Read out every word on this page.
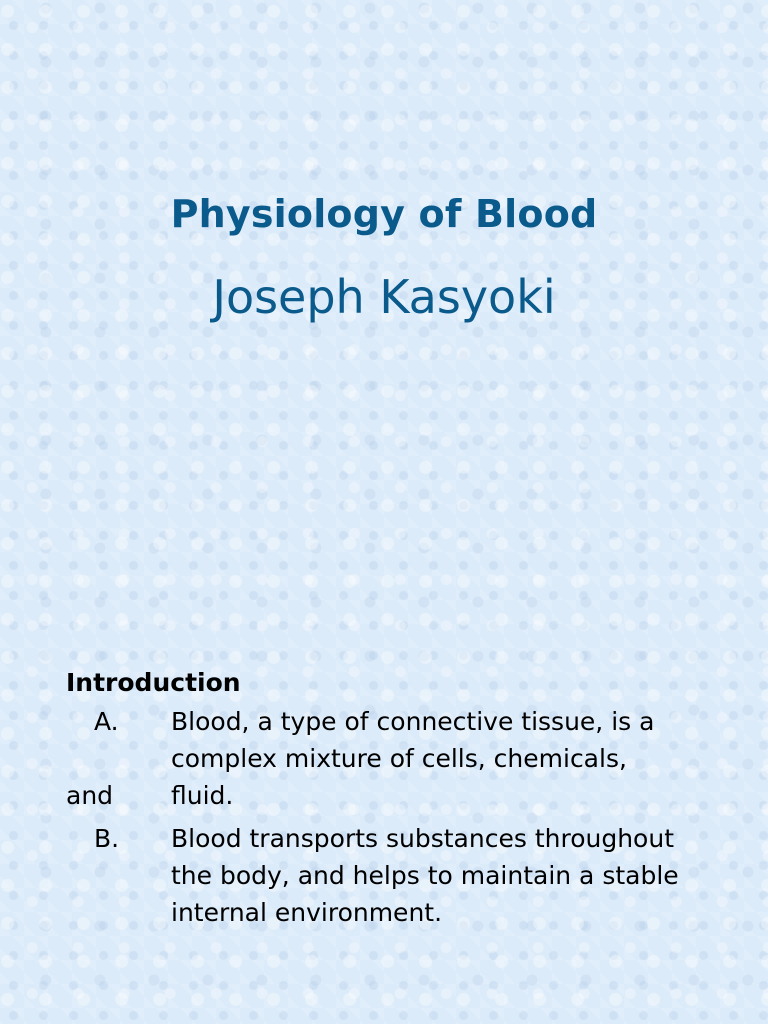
Physiology of Blood
Joseph Kasyoki
Introduction
A.
and
Blood, a type of connective tissue, is a
complex mixture of cells, chemicals,
fluid.
B.	Blood transports substances throughout
the body, and helps to maintain a stable
internal environment.
